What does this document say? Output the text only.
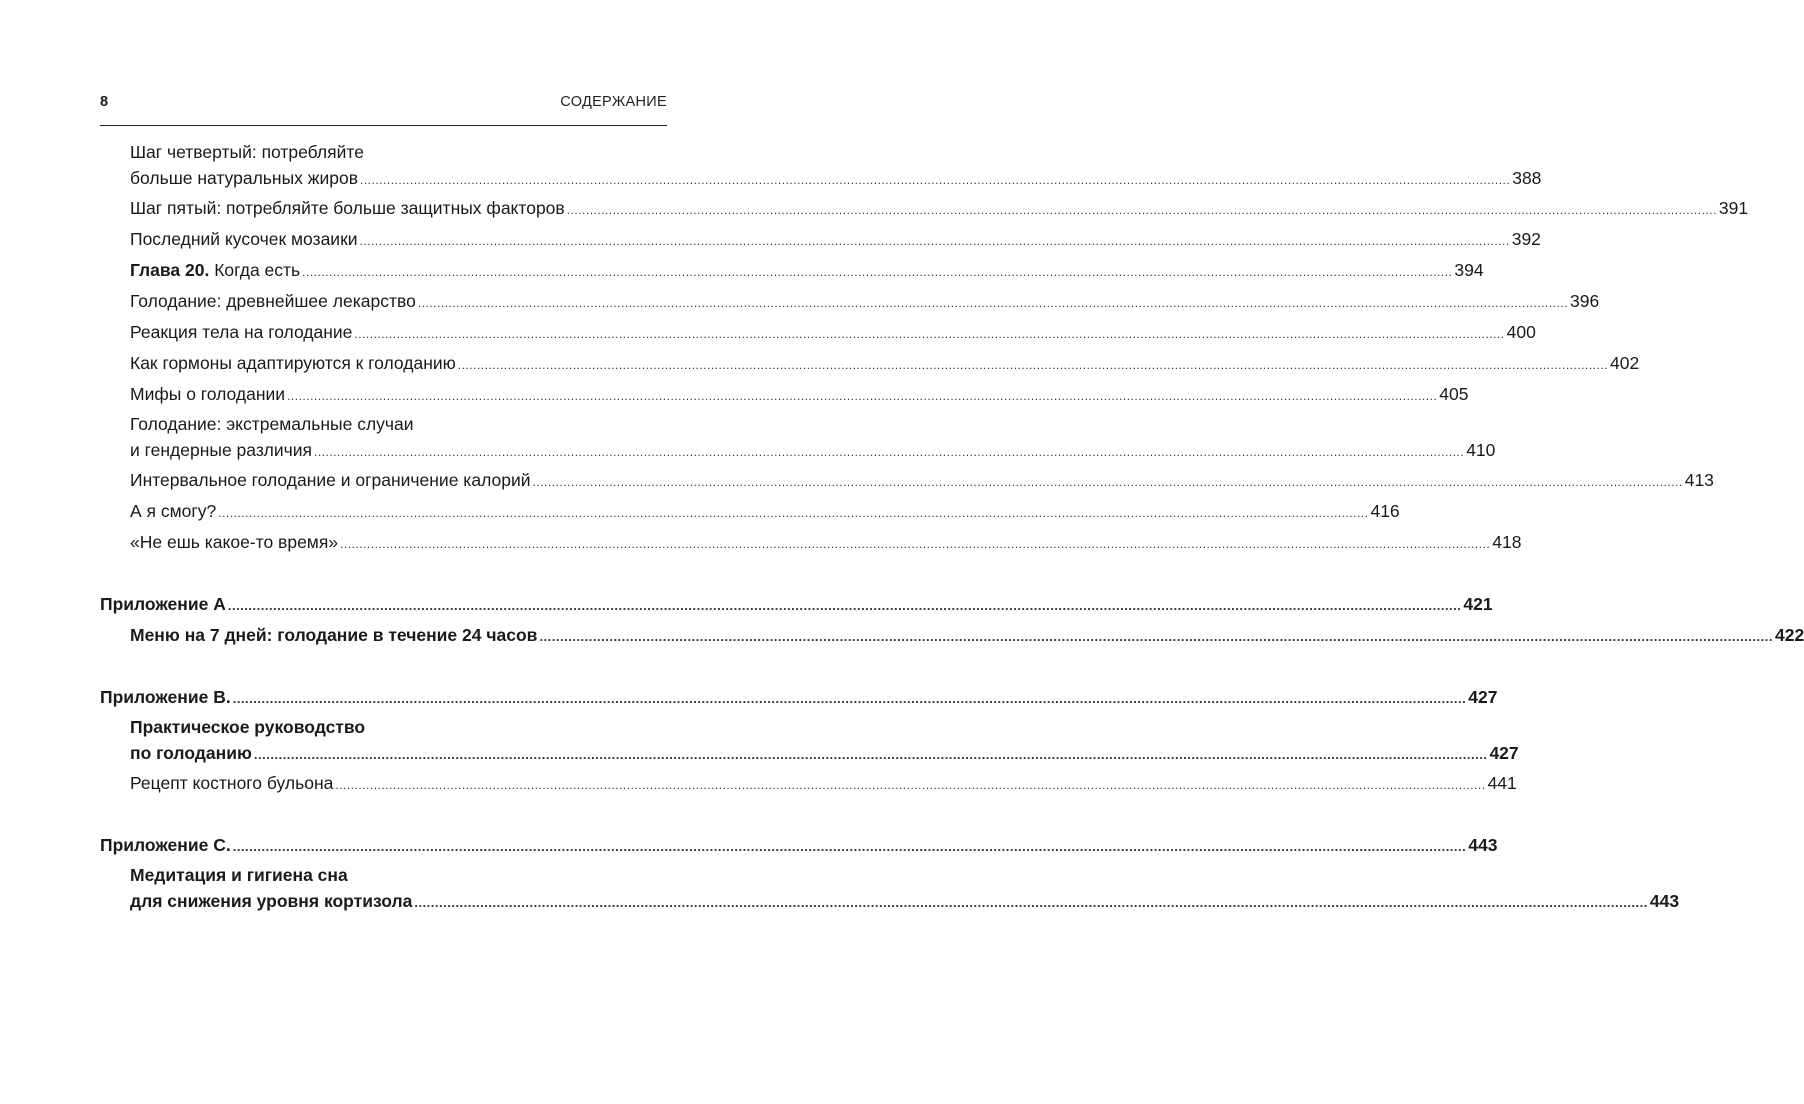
8	СОДЕРЖАНИЕ
Шаг четвертый: потребляйте
больше натуральных жиров ............................................................................................................................................................................................................................................................................................................ 388
Шаг пятый: потребляйте больше защитных факторов ............................................................................................................................................................................................................................................................................................................ 391
Последний кусочек мозаики ............................................................................................................................................................................................................................................................................................................ 392
Глава 20. Когда есть ............................................................................................................................................................................................................................................................................................................ 394
Голодание: древнейшее лекарство ............................................................................................................................................................................................................................................................................................................ 396
Реакция тела на голодание ............................................................................................................................................................................................................................................................................................................ 400
Как гормоны адаптируются к голоданию ............................................................................................................................................................................................................................................................................................................ 402
Мифы о голодании ............................................................................................................................................................................................................................................................................................................ 405
Голодание: экстремальные случаи
и гендерные различия ............................................................................................................................................................................................................................................................................................................ 410
Интервальное голодание и ограничение калорий ............................................................................................................................................................................................................................................................................................................ 413
А я смогу? ............................................................................................................................................................................................................................................................................................................ 416
«Не ешь какое-то время» ............................................................................................................................................................................................................................................................................................................ 418
Приложение А ............................................................................................................................................................................................................................................................................................................ 421
Меню на 7 дней: голодание в течение 24 часов ............................................................................................................................................................................................................................................................................................................ 422
Приложение В. ............................................................................................................................................................................................................................................................................................................ 427
Практическое руководство
по голоданию ............................................................................................................................................................................................................................................................................................................ 427
Рецепт костного бульона ............................................................................................................................................................................................................................................................................................................ 441
Приложение С. ............................................................................................................................................................................................................................................................................................................ 443
Медитация и гигиена сна
для снижения уровня кортизола ............................................................................................................................................................................................................................................................................................................ 443
